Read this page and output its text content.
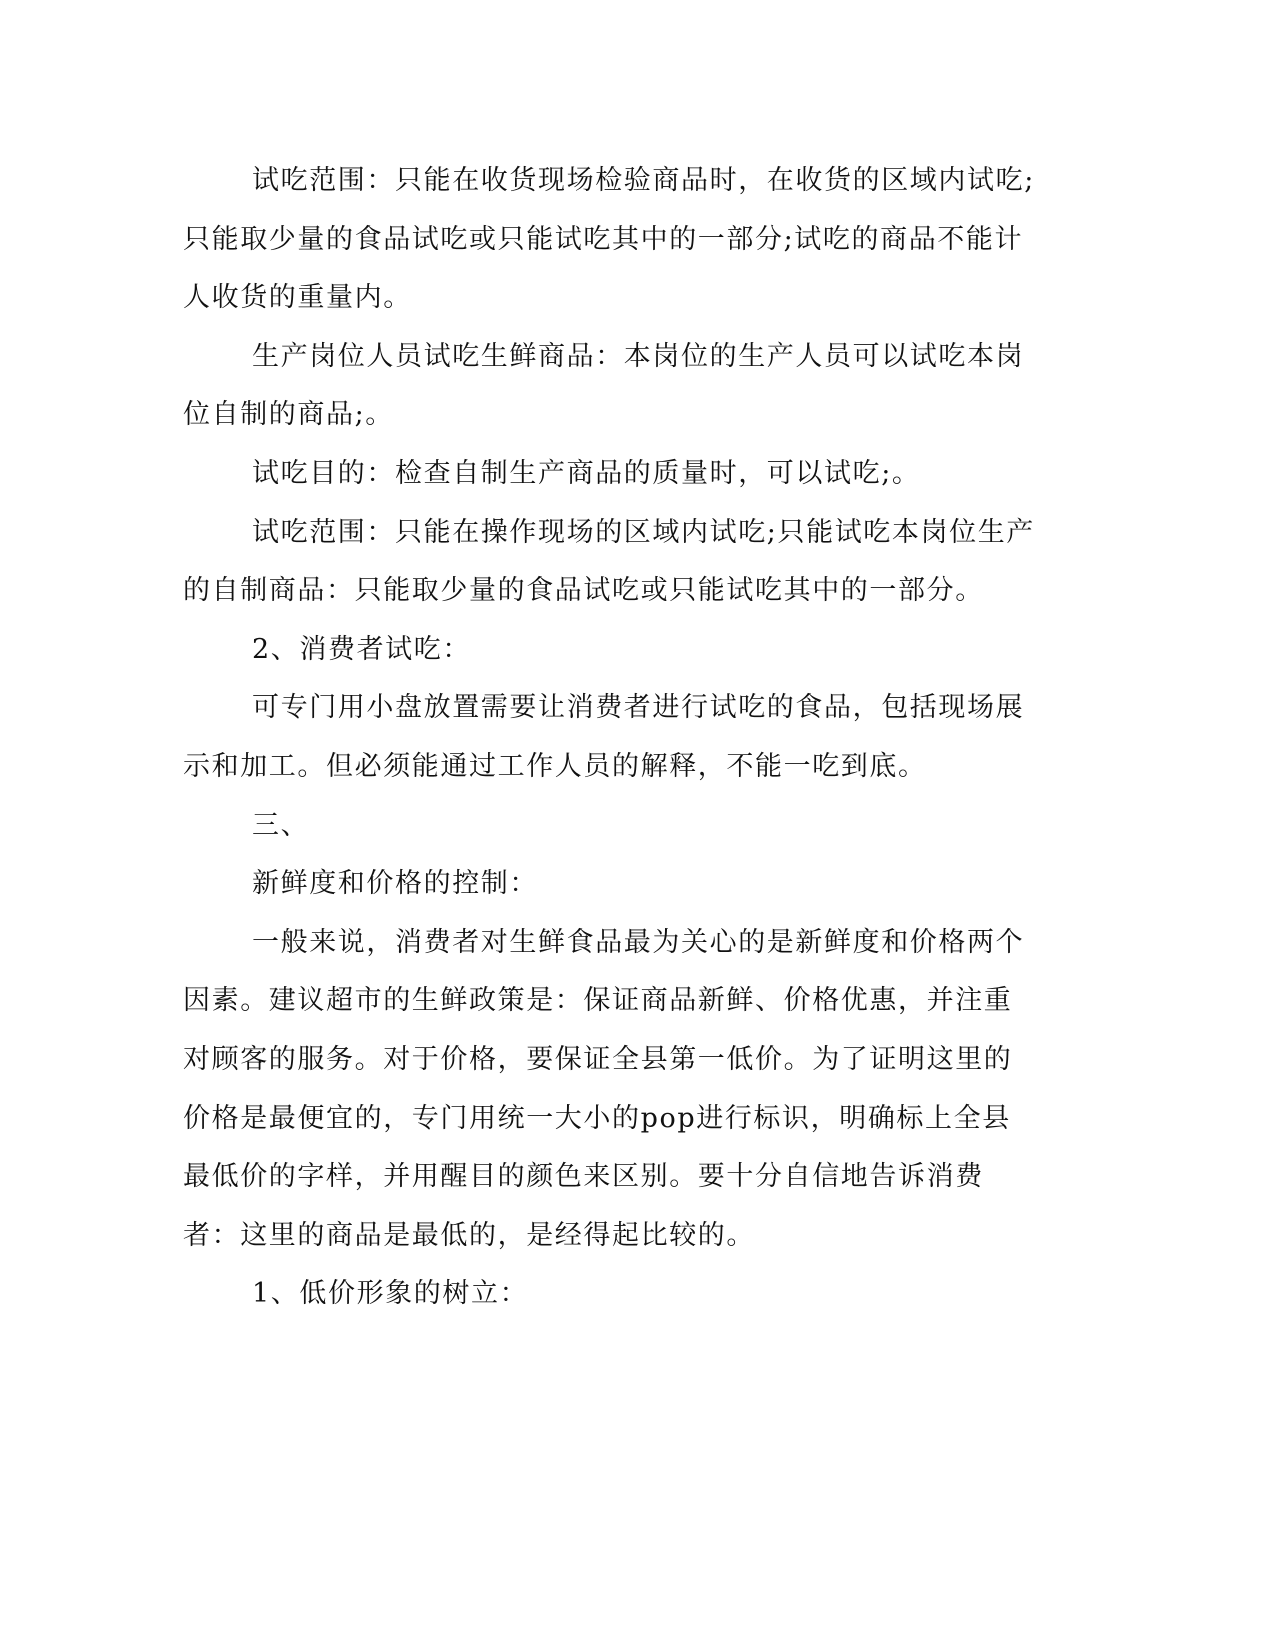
试吃范围：只能在收货现场检验商品时，在收货的区域内试吃;只能取少量的食品试吃或只能试吃其中的一部分;试吃的商品不能计人收货的重量内。

生产岗位人员试吃生鲜商品：本岗位的生产人员可以试吃本岗位自制的商品;。

试吃目的：检查自制生产商品的质量时，可以试吃;。

试吃范围：只能在操作现场的区域内试吃;只能试吃本岗位生产的自制商品：只能取少量的食品试吃或只能试吃其中的一部分。

2、消费者试吃：

可专门用小盘放置需要让消费者进行试吃的食品，包括现场展示和加工。但必须能通过工作人员的解释，不能一吃到底。

三、

新鲜度和价格的控制：

一般来说，消费者对生鲜食品最为关心的是新鲜度和价格两个因素。建议超市的生鲜政策是：保证商品新鲜、价格优惠，并注重对顾客的服务。对于价格，要保证全县第一低价。为了证明这里的价格是最便宜的，专门用统一大小的pop进行标识，明确标上全县最低价的字样，并用醒目的颜色来区别。要十分自信地告诉消费者：这里的商品是最低的，是经得起比较的。

1、低价形象的树立：
